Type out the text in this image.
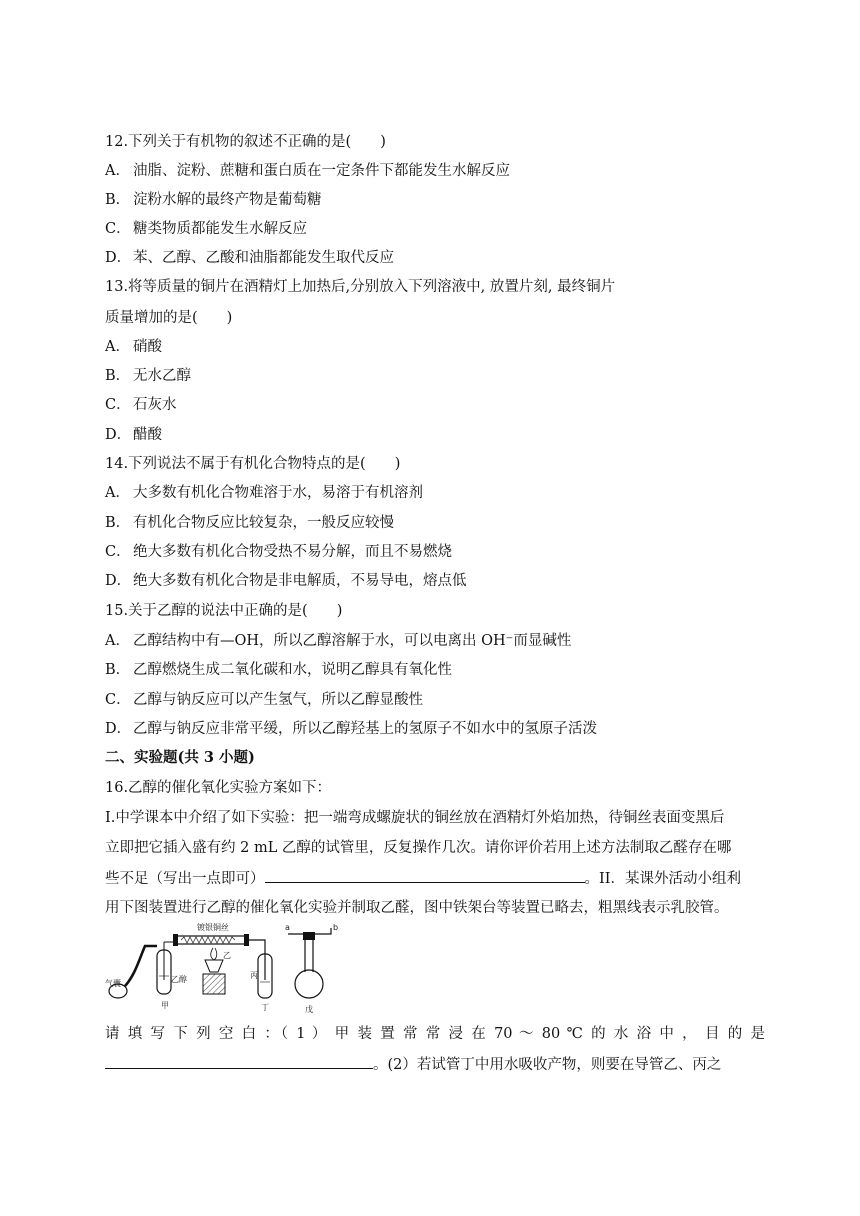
12.下列关于有机物的叙述不正确的是(　　)
A． 油脂、淀粉、蔗糖和蛋白质在一定条件下都能发生水解反应
B． 淀粉水解的最终产物是葡萄糖
C． 糖类物质都能发生水解反应
D． 苯、乙醇、乙酸和油脂都能发生取代反应
13.将等质量的铜片在酒精灯上加热后,分别放入下列溶液中, 放置片刻, 最终铜片
质量增加的是(　　)
A． 硝酸
B． 无水乙醇
C． 石灰水
D． 醋酸
14.下列说法不属于有机化合物特点的是(　　)
A． 大多数有机化合物难溶于水，易溶于有机溶剂
B． 有机化合物反应比较复杂，一般反应较慢
C． 绝大多数有机化合物受热不易分解，而且不易燃烧
D． 绝大多数有机化合物是非电解质，不易导电，熔点低
15.关于乙醇的说法中正确的是(　　)
A． 乙醇结构中有—OH，所以乙醇溶解于水，可以电离出 OH⁻而显碱性
B． 乙醇燃烧生成二氧化碳和水，说明乙醇具有氧化性
C． 乙醇与钠反应可以产生氢气，所以乙醇显酸性
D． 乙醇与钠反应非常平缓，所以乙醇羟基上的氢原子不如水中的氢原子活泼
二、实验题(共 3 小题)
16.乙醇的催化氧化实验方案如下：
I.中学课本中介绍了如下实验：把一端弯成螺旋状的铜丝放在酒精灯外焰加热，待铜丝表面变黑后
立即把它插入盛有约 2 mL 乙醇的试管里，反复操作几次。请你评价若用上述方法制取乙醛存在哪
些不足（写出一点即可）	。II．某课外活动小组利
用下图装置进行乙醇的催化氧化实验并制取乙醛，图中铁架台等装置已略去，粗黑线表示乳胶管。
a	b
气囊	乙醇
甲
乙
丙
丁	戊
镀银铜丝
请 填 写 下 列 空 白 ：（ 1 ） 甲 装 置 常 常 浸 在 70 ～ 80 ℃ 的 水 浴 中 ， 目 的 是
。(2）若试管丁中用水吸收产物，则要在导管乙、丙之
